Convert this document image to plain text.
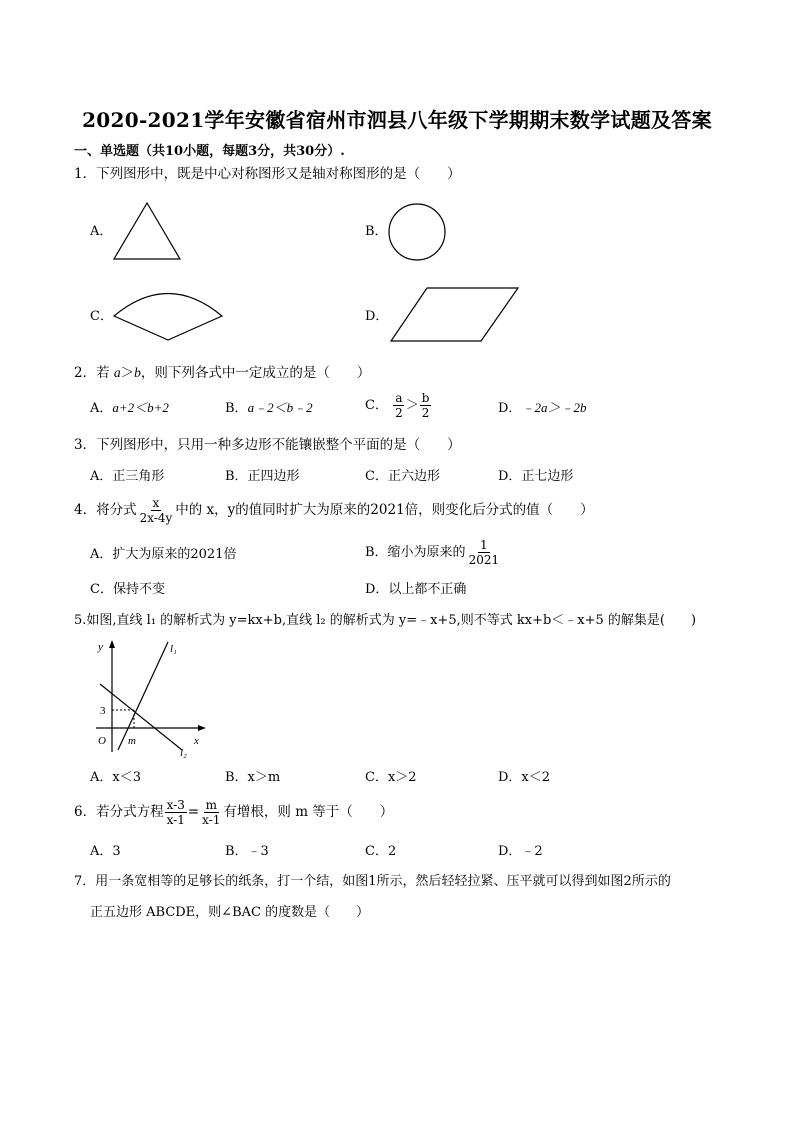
2020-2021学年安徽省宿州市泗县八年级下学期期末数学试题及答案
一、单选题（共10小题，每题3分，共30分）.
1．下列图形中，既是中心对称图形又是轴对称图形的是（　　）
A．	B．
C．	D．
2．若 a＞b，则下列各式中一定成立的是（　　）
A．a+2＜b+2	B．a﹣2＜b﹣2	C． $\frac{a}{2} > \frac{b}{2}$	D．﹣2a＞﹣2b
3．下列图形中，只用一种多边形不能镶嵌整个平面的是（　　）
A．正三角形	B．正四边形	C．正六边形	D．正七边形
4．将分式 $\frac{x}{2x-4y}$ 中的 x，y的值同时扩大为原来的2021倍，则变化后分式的值（　　）
A．扩大为原来的2021倍	B．缩小为原来的 $\frac{1}{2021}$
C．保持不变	D．以上都不正确
5.如图,直线 l₁ 的解析式为 y=kx+b,直线 l₂ 的解析式为 y=﹣x+5,则不等式 kx+b＜﹣x+5 的解集是(　　)
y	l₁
3
O m	x
l₂
A．x＜3	B．x＞m	C．x＞2	D．x＜2
6．若分式方程 $\frac{x-3}{x-1} = \frac{m}{x-1}$ 有增根，则 m 等于（　　）
A．3	B．﹣3	C．2	D．﹣2
7．用一条宽相等的足够长的纸条，打一个结，如图1所示，然后轻轻拉紧、压平就可以得到如图2所示的
正五边形 ABCDE，则∠BAC 的度数是（　　）
